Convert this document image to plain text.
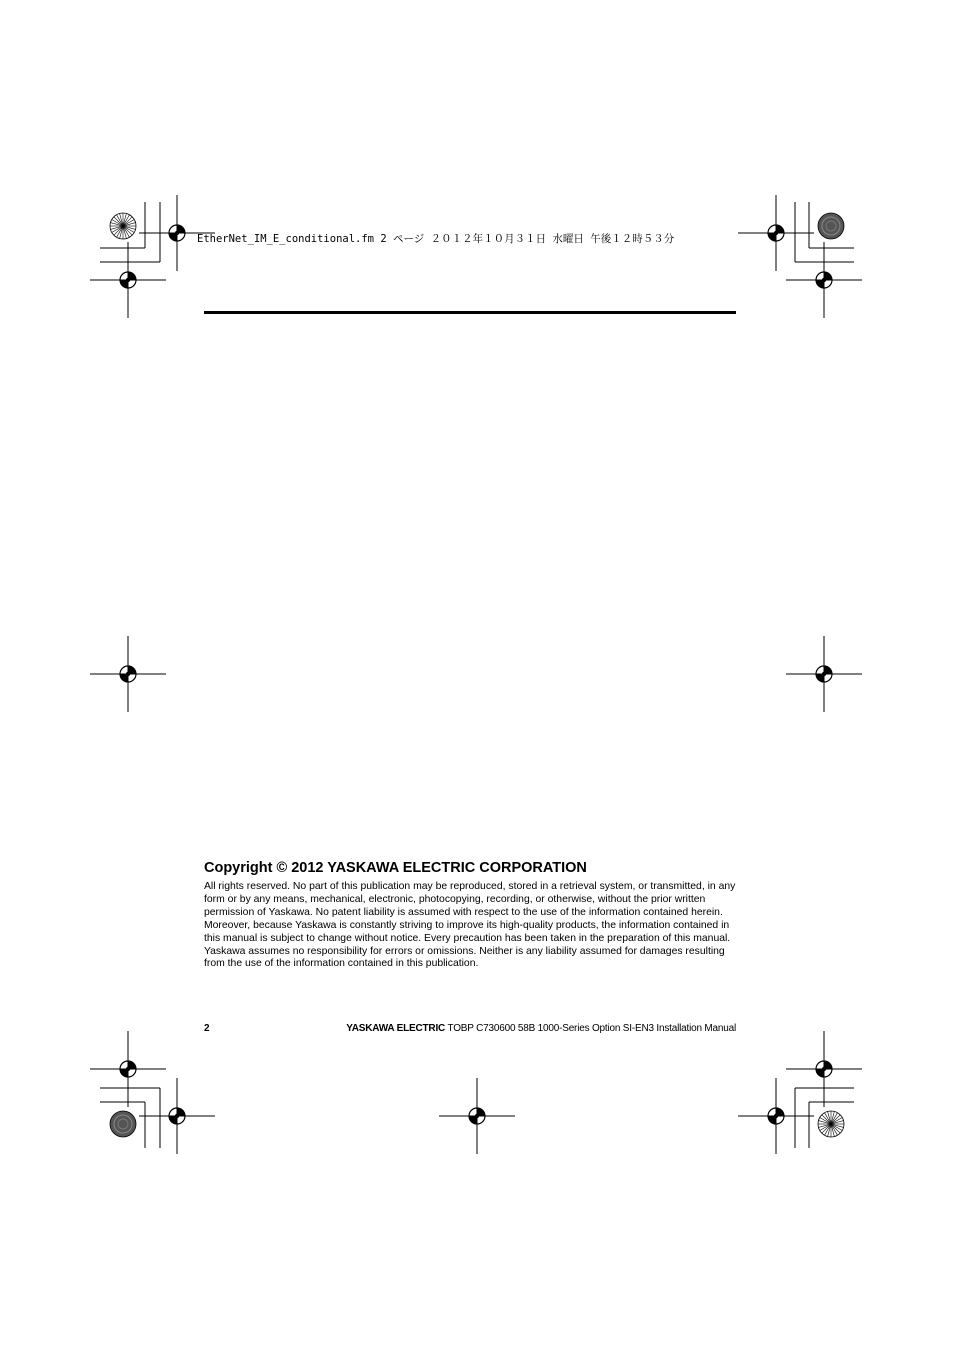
EtherNet_IM_E_conditional.fm 2 ページ ２０１２年１０月３１日 水曜日 午後１２時５３分
Copyright © 2012 YASKAWA ELECTRIC CORPORATION
All rights reserved. No part of this publication may be reproduced, stored in a retrieval system, or transmitted, in any form or by any means, mechanical, electronic, photocopying, recording, or otherwise, without the prior written permission of Yaskawa. No patent liability is assumed with respect to the use of the information contained herein. Moreover, because Yaskawa is constantly striving to improve its high-quality products, the information contained in this manual is subject to change without notice. Every precaution has been taken in the preparation of this manual. Yaskawa assumes no responsibility for errors or omissions. Neither is any liability assumed for damages resulting from the use of the information contained in this publication.
2	YASKAWA ELECTRIC TOBP C730600 58B 1000-Series Option SI-EN3 Installation Manual
